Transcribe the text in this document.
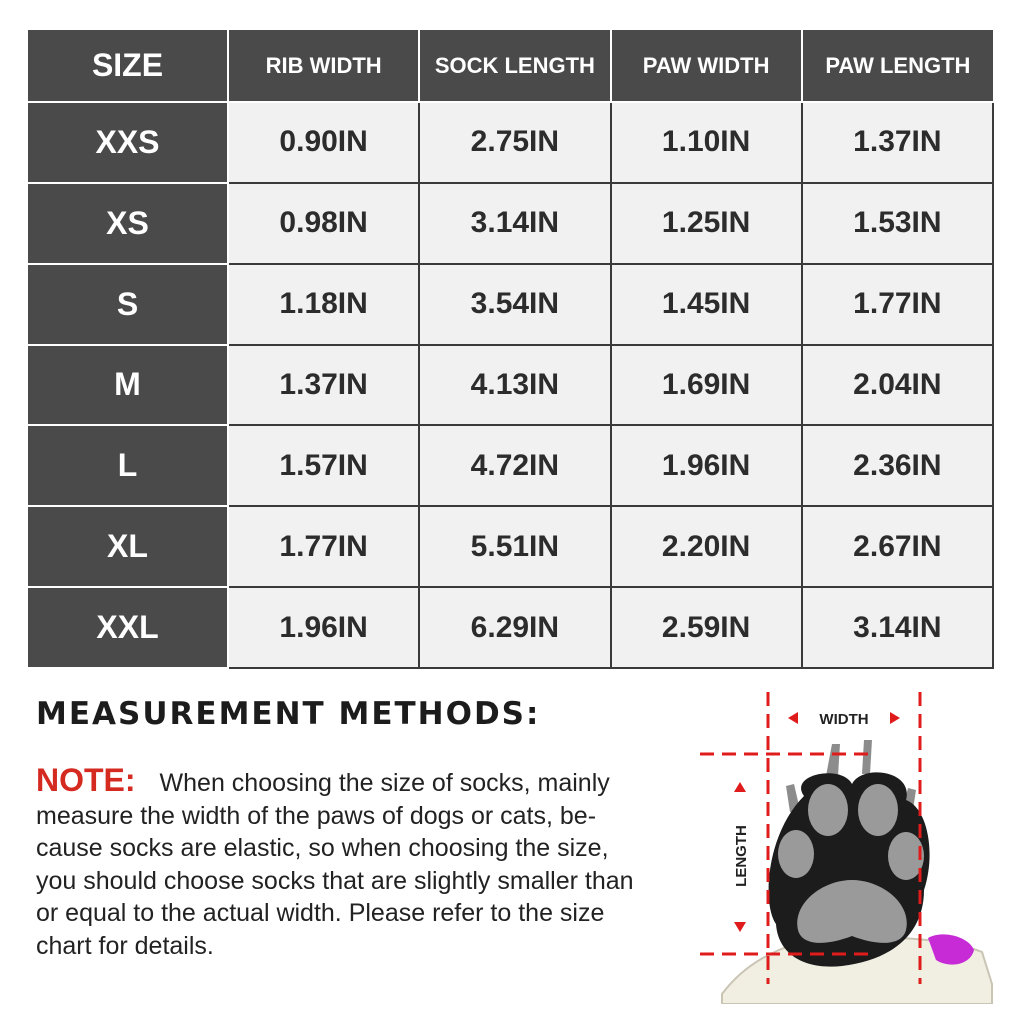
SIZE	RIB WIDTH	SOCK LENGTH	PAW WIDTH	PAW LENGTH
XXS	0.90IN	2.75IN	1.10IN	1.37IN
XS	0.98IN	3.14IN	1.25IN	1.53IN
S	1.18IN	3.54IN	1.45IN	1.77IN
M	1.37IN	4.13IN	1.69IN	2.04IN
L	1.57IN	4.72IN	1.96IN	2.36IN
XL	1.77IN	5.51IN	2.20IN	2.67IN
XXL	1.96IN	6.29IN	2.59IN	3.14IN
MEASUREMENT METHODS:

NOTE: When choosing the size of socks, mainly measure the width of the paws of dogs or cats, be-cause socks are elastic, so when choosing the size, you should choose socks that are slightly smaller than or equal to the actual width. Please refer to the size chart for details.

WIDTH
LENGTH
